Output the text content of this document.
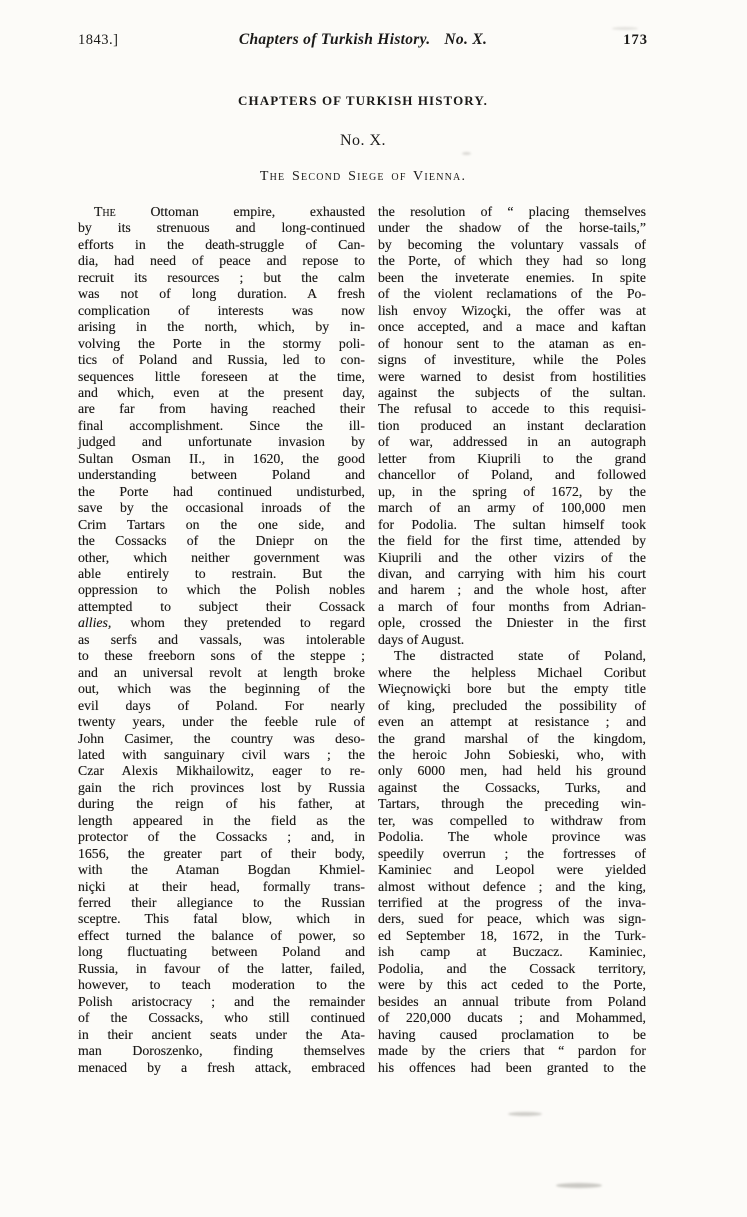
1843.]	Chapters of Turkish History. No. X.	173
CHAPTERS OF TURKISH HISTORY.
No. X.
The Second Siege of Vienna.
The Ottoman empire, exhausted
by its strenuous and long-continued
efforts in the death-struggle of Can-
dia, had need of peace and repose to
recruit its resources ; but the calm
was not of long duration. A fresh
complication of interests was now
arising in the north, which, by in-
volving the Porte in the stormy poli-
tics of Poland and Russia, led to con-
sequences little foreseen at the time,
and which, even at the present day,
are far from having reached their
final accomplishment. Since the ill-
judged and unfortunate invasion by
Sultan Osman II., in 1620, the good
understanding between Poland and
the Porte had continued undisturbed,
save by the occasional inroads of the
Crim Tartars on the one side, and
the Cossacks of the Dniepr on the
other, which neither government was
able entirely to restrain. But the
oppression to which the Polish nobles
attempted to subject their Cossack
allies, whom they pretended to regard
as serfs and vassals, was intolerable
to these freeborn sons of the steppe ;
and an universal revolt at length broke
out, which was the beginning of the
evil days of Poland. For nearly
twenty years, under the feeble rule of
John Casimer, the country was deso-
lated with sanguinary civil wars ; the
Czar Alexis Mikhailowitz, eager to re-
gain the rich provinces lost by Russia
during the reign of his father, at
length appeared in the field as the
protector of the Cossacks ; and, in
1656, the greater part of their body,
with the Ataman Bogdan Khmiel-
niçki at their head, formally trans-
ferred their allegiance to the Russian
sceptre. This fatal blow, which in
effect turned the balance of power, so
long fluctuating between Poland and
Russia, in favour of the latter, failed,
however, to teach moderation to the
Polish aristocracy ; and the remainder
of the Cossacks, who still continued
in their ancient seats under the Ata-
man Doroszenko, finding themselves
menaced by a fresh attack, embraced
the resolution of “ placing themselves
under the shadow of the horse-tails,”
by becoming the voluntary vassals of
the Porte, of which they had so long
been the inveterate enemies. In spite
of the violent reclamations of the Po-
lish envoy Wizoçki, the offer was at
once accepted, and a mace and kaftan
of honour sent to the ataman as en-
signs of investiture, while the Poles
were warned to desist from hostilities
against the subjects of the sultan.
The refusal to accede to this requisi-
tion produced an instant declaration
of war, addressed in an autograph
letter from Kiuprili to the grand
chancellor of Poland, and followed
up, in the spring of 1672, by the
march of an army of 100,000 men
for Podolia. The sultan himself took
the field for the first time, attended by
Kiuprili and the other vizirs of the
divan, and carrying with him his court
and harem ; and the whole host, after
a march of four months from Adrian-
ople, crossed the Dniester in the first
days of August.
The distracted state of Poland,
where the helpless Michael Coribut
Wieçnowiçki bore but the empty title
of king, precluded the possibility of
even an attempt at resistance ; and
the grand marshal of the kingdom,
the heroic John Sobieski, who, with
only 6000 men, had held his ground
against the Cossacks, Turks, and
Tartars, through the preceding win-
ter, was compelled to withdraw from
Podolia. The whole province was
speedily overrun ; the fortresses of
Kaminiec and Leopol were yielded
almost without defence ; and the king,
terrified at the progress of the inva-
ders, sued for peace, which was sign-
ed September 18, 1672, in the Turk-
ish camp at Buczacz. Kaminiec,
Podolia, and the Cossack territory,
were by this act ceded to the Porte,
besides an annual tribute from Poland
of 220,000 ducats ; and Mohammed,
having caused proclamation to be
made by the criers that “ pardon for
his offences had been granted to the
